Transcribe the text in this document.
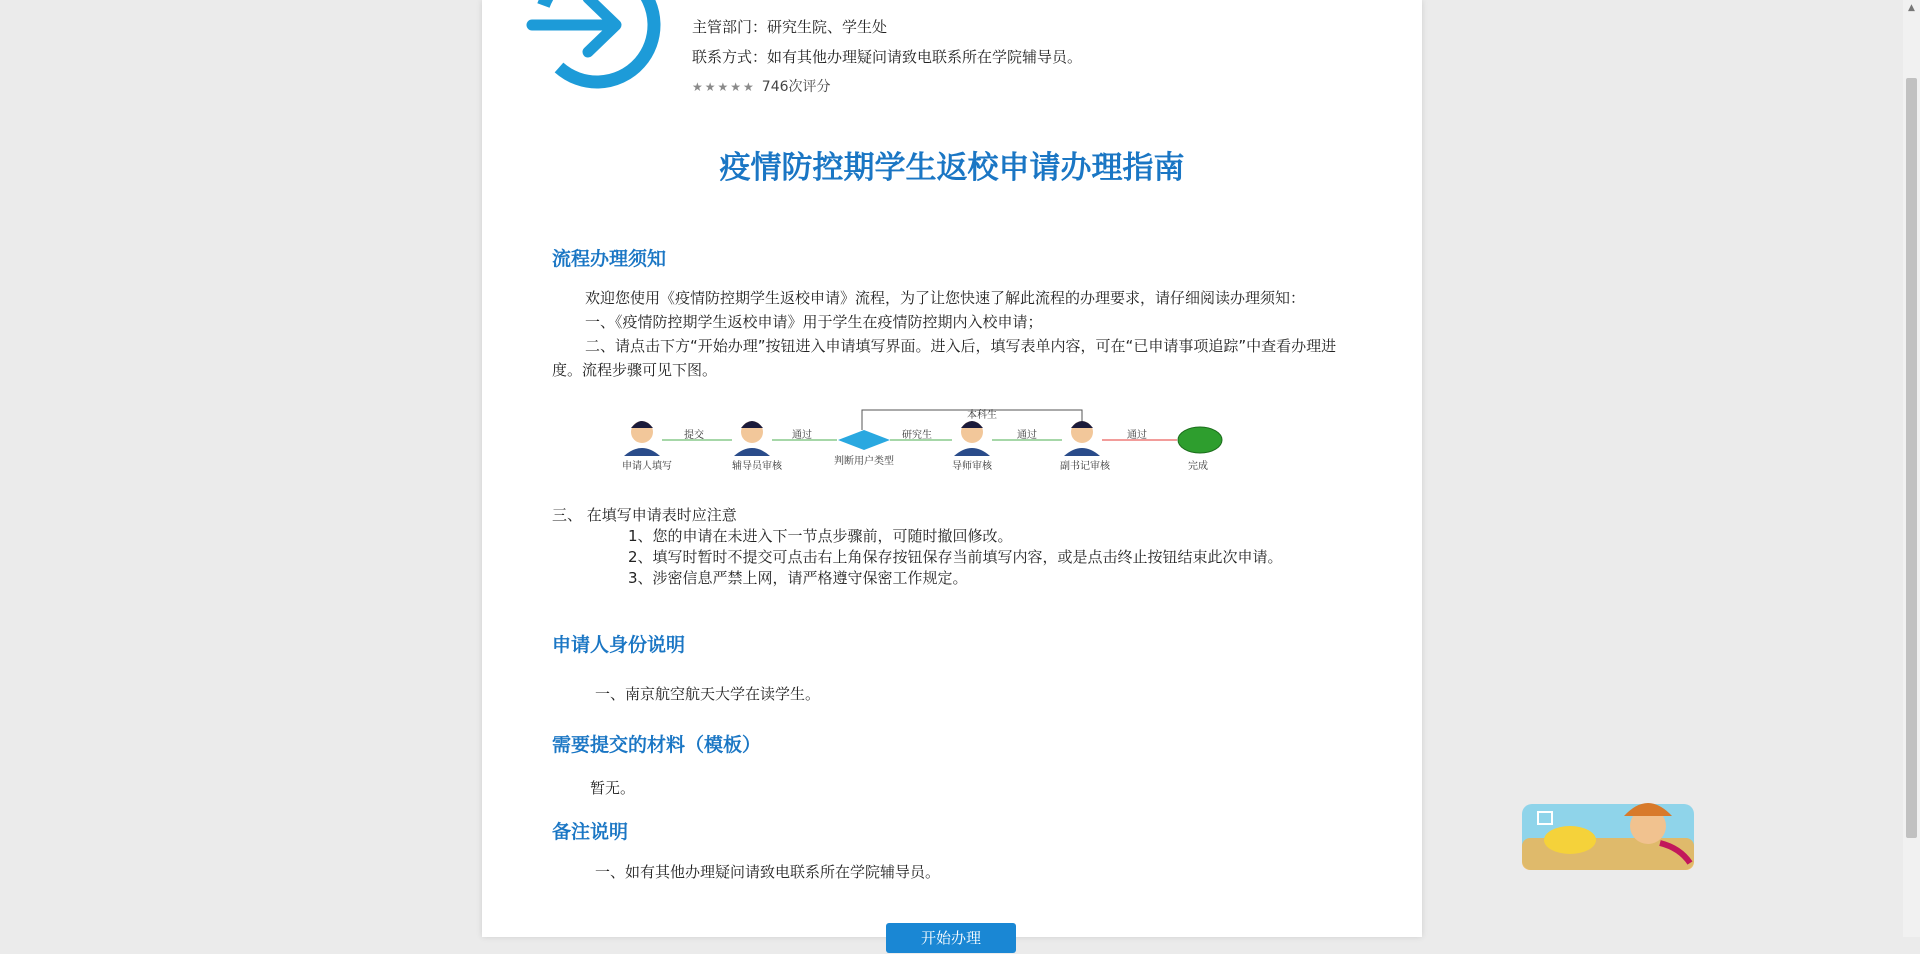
主管部门：研究生院、学生处
联系方式：如有其他办理疑问请致电联系所在学院辅导员。
★★★★★ 746次评分
疫情防控期学生返校申请办理指南
流程办理须知
欢迎您使用《疫情防控期学生返校申请》流程，为了让您快速了解此流程的办理要求，请仔细阅读办理须知：
一、《疫情防控期学生返校申请》用于学生在疫情防控期内入校申请；
二、请点击下方“开始办理”按钮进入申请填写界面。进入后，填写表单内容，可在“已申请事项追踪”中查看办理进度。流程步骤可见下图。
申请人填写	辅导员审核	判断用户类型	导师审核	副书记审核	完成
提交	通过	研究生	通过	通过
本科生
三、 在填写申请表时应注意
1、您的申请在未进入下一节点步骤前，可随时撤回修改。
2、填写时暂时不提交可点击右上角保存按钮保存当前填写内容，或是点击终止按钮结束此次申请。
3、涉密信息严禁上网，请严格遵守保密工作规定。
申请人身份说明
一、南京航空航天大学在读学生。
需要提交的材料（模板）
暂无。
备注说明
一、如有其他办理疑问请致电联系所在学院辅导员。
开始办理
▲
